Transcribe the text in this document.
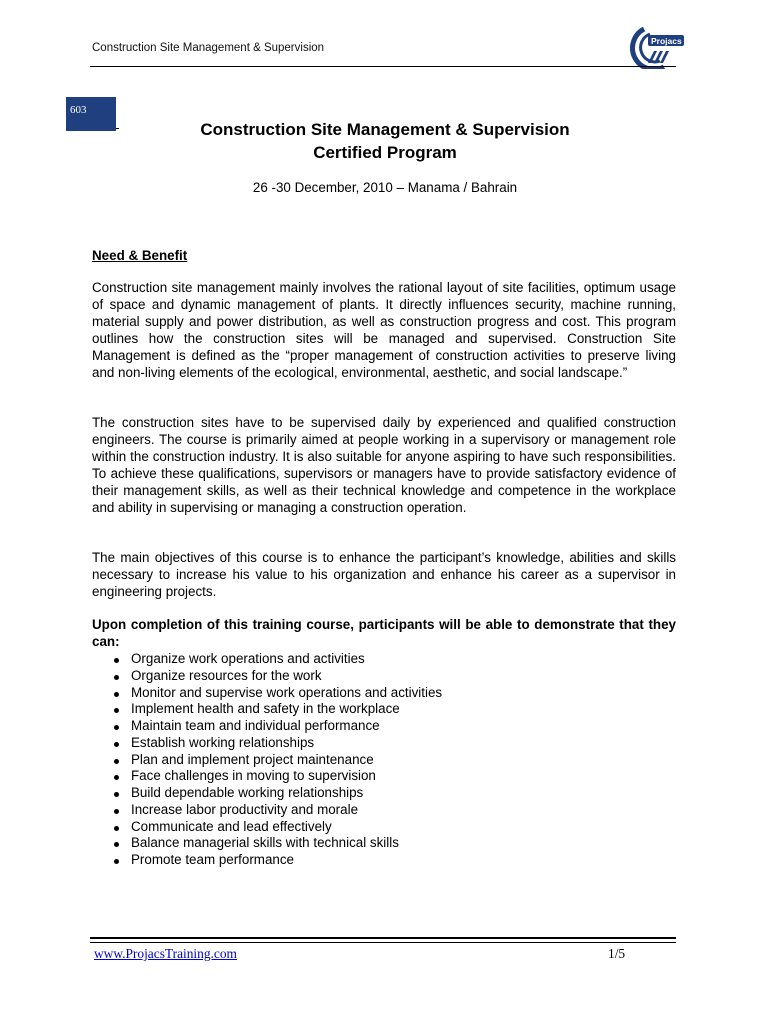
Construction Site Management & Supervision
Projacs
603
Construction Site Management & Supervision
Certified Program
26 -30 December, 2010 – Manama / Bahrain
Need & Benefit

Construction site management mainly involves the rational layout of site facilities, optimum usage of space and dynamic management of plants. It directly influences security, machine running, material supply and power distribution, as well as construction progress and cost. This program outlines how the construction sites will be managed and supervised. Construction Site Management is defined as the “proper management of construction activities to preserve living and non-living elements of the ecological, environmental, aesthetic, and social landscape.”

The construction sites have to be supervised daily by experienced and qualified construction engineers. The course is primarily aimed at people working in a supervisory or management role within the construction industry. It is also suitable for anyone aspiring to have such responsibilities. To achieve these qualifications, supervisors or managers have to provide satisfactory evidence of their management skills, as well as their technical knowledge and competence in the workplace and ability in supervising or managing a construction operation.

The main objectives of this course is to enhance the participant’s knowledge, abilities and skills necessary to increase his value to his organization and enhance his career as a supervisor in engineering projects.

Upon completion of this training course, participants will be able to demonstrate that they can:

Organize work operations and activities
Organize resources for the work
Monitor and supervise work operations and activities
Implement health and safety in the workplace
Maintain team and individual performance
Establish working relationships
Plan and implement project maintenance
Face challenges in moving to supervision
Build dependable working relationships
Increase labor productivity and morale
Communicate and lead effectively
Balance managerial skills with technical skills
Promote team performance
www.ProjacsTraining.com	1/5
